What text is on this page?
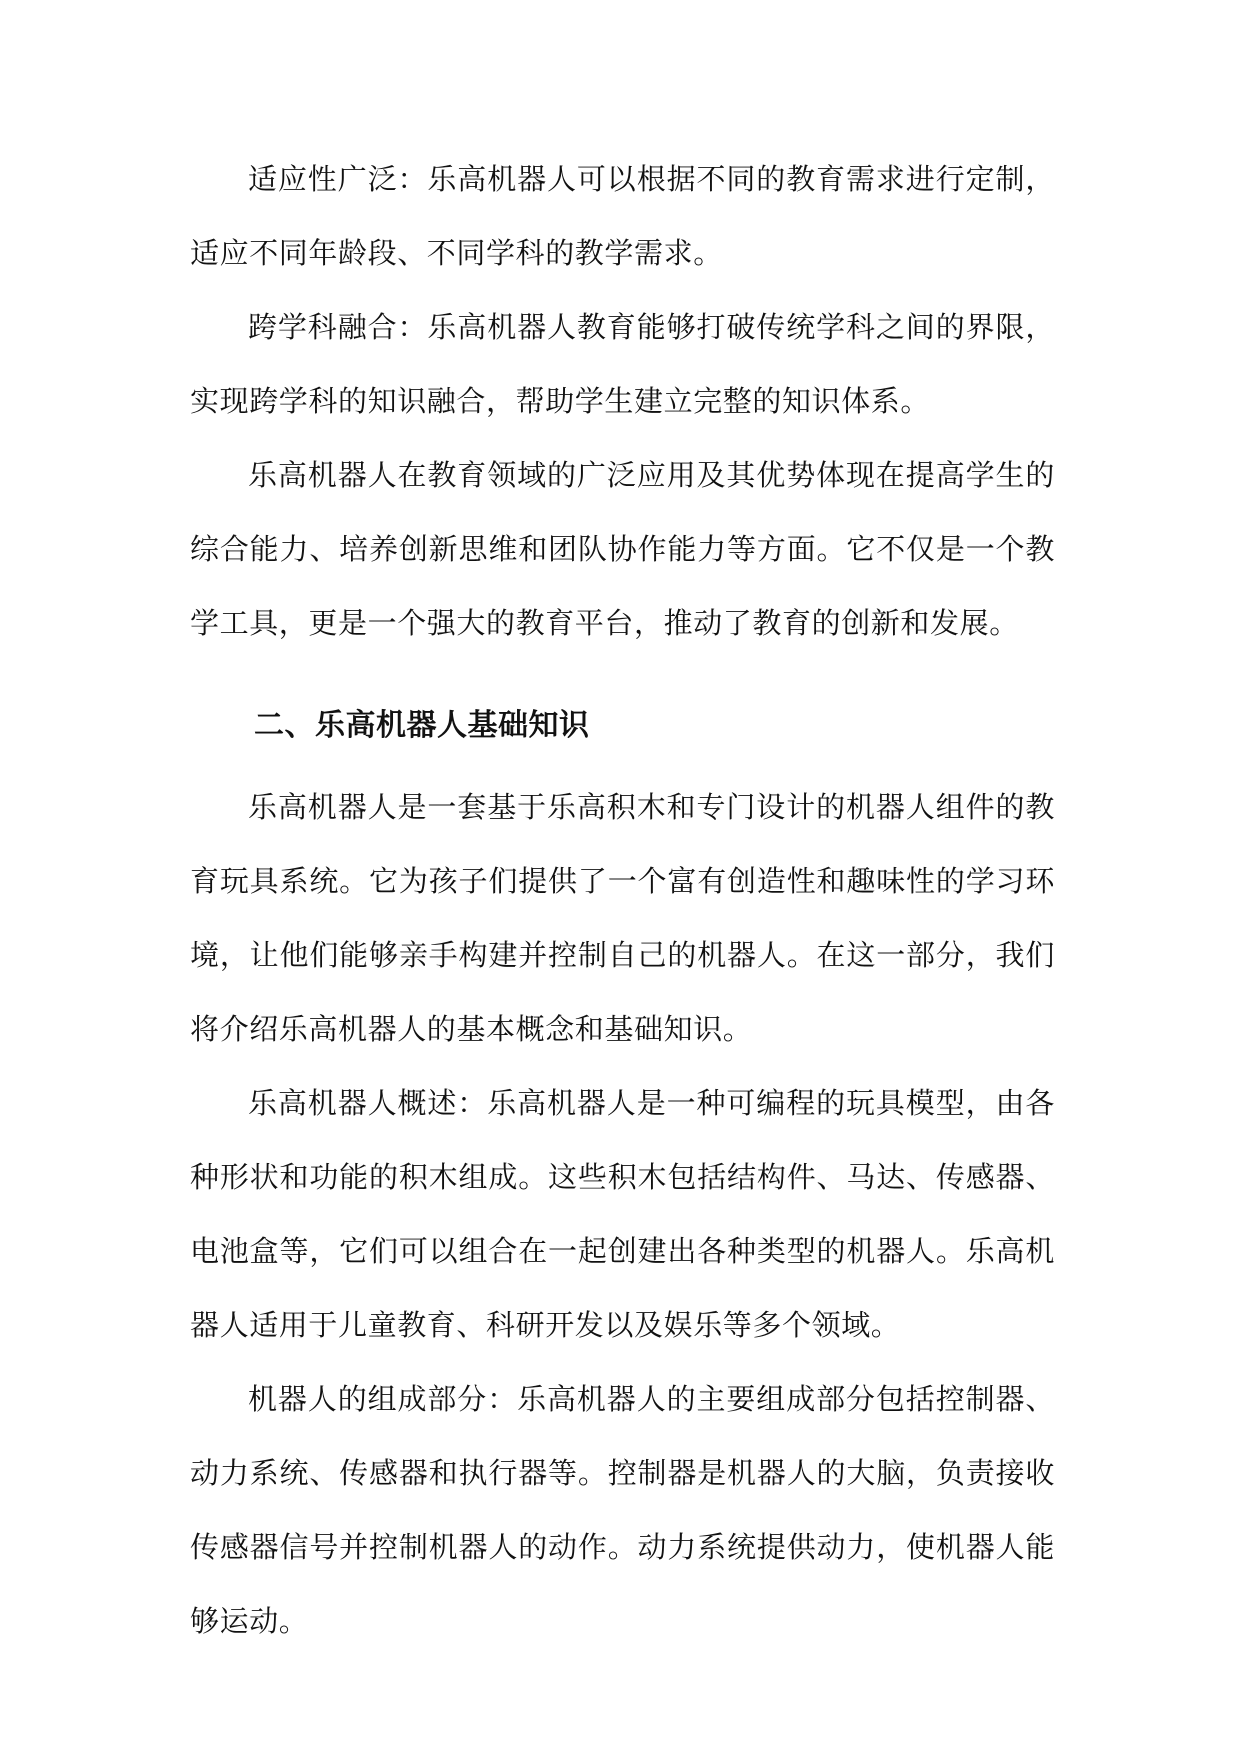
适应性广泛：乐高机器人可以根据不同的教育需求进行定制，适应不同年龄段、不同学科的教学需求。

跨学科融合：乐高机器人教育能够打破传统学科之间的界限，实现跨学科的知识融合，帮助学生建立完整的知识体系。

乐高机器人在教育领域的广泛应用及其优势体现在提高学生的综合能力、培养创新思维和团队协作能力等方面。它不仅是一个教学工具，更是一个强大的教育平台，推动了教育的创新和发展。

二、乐高机器人基础知识

乐高机器人是一套基于乐高积木和专门设计的机器人组件的教育玩具系统。它为孩子们提供了一个富有创造性和趣味性的学习环境，让他们能够亲手构建并控制自己的机器人。在这一部分，我们将介绍乐高机器人的基本概念和基础知识。

乐高机器人概述：乐高机器人是一种可编程的玩具模型，由各种形状和功能的积木组成。这些积木包括结构件、马达、传感器、电池盒等，它们可以组合在一起创建出各种类型的机器人。乐高机器人适用于儿童教育、科研开发以及娱乐等多个领域。

机器人的组成部分：乐高机器人的主要组成部分包括控制器、动力系统、传感器和执行器等。控制器是机器人的大脑，负责接收传感器信号并控制机器人的动作。动力系统提供动力，使机器人能够运动。
